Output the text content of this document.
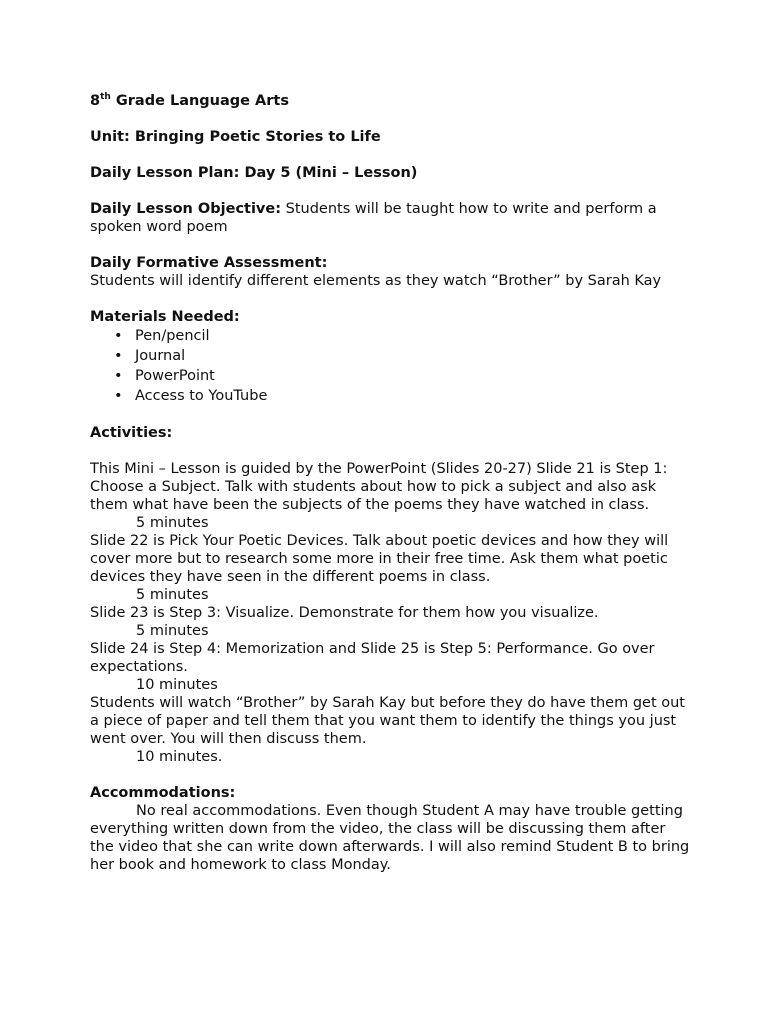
8th Grade Language Arts

Unit: Bringing Poetic Stories to Life

Daily Lesson Plan: Day 5 (Mini – Lesson)

Daily Lesson Objective: Students will be taught how to write and perform a spoken word poem

Daily Formative Assessment:

Students will identify different elements as they watch “Brother” by Sarah Kay

Materials Needed:

• Pen/pencil
• Journal
• PowerPoint
• Access to YouTube

Activities:

This Mini – Lesson is guided by the PowerPoint (Slides 20-27) Slide 21 is Step 1: Choose a Subject. Talk with students about how to pick a subject and also ask them what have been the subjects of the poems they have watched in class.

5 minutes

Slide 22 is Pick Your Poetic Devices. Talk about poetic devices and how they will cover more but to research some more in their free time. Ask them what poetic devices they have seen in the different poems in class.

5 minutes

Slide 23 is Step 3: Visualize. Demonstrate for them how you visualize.

5 minutes

Slide 24 is Step 4: Memorization and Slide 25 is Step 5: Performance. Go over expectations.

10 minutes

Students will watch “Brother” by Sarah Kay but before they do have them get out a piece of paper and tell them that you want them to identify the things you just went over. You will then discuss them.

10 minutes.

Accommodations:

No real accommodations. Even though Student A may have trouble getting everything written down from the video, the class will be discussing them after the video that she can write down afterwards. I will also remind Student B to bring her book and homework to class Monday.
